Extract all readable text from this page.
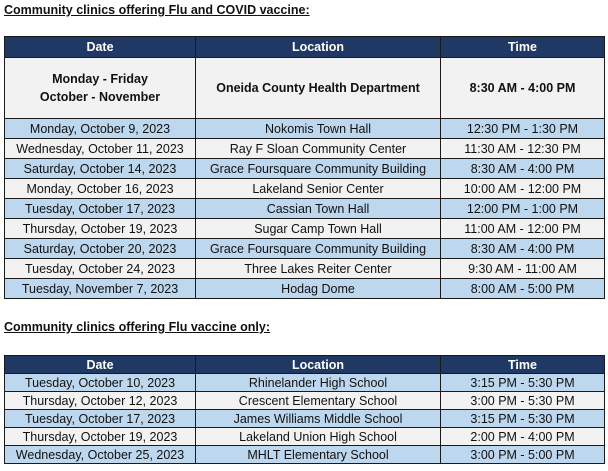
Community clinics offering Flu and COVID vaccine:
Date	Location	Time
Monday - Friday
October - November	Oneida County Health Department	8:30 AM - 4:00 PM
Monday, October 9, 2023	Nokomis Town Hall	12:30 PM - 1:30 PM
Wednesday, October 11, 2023	Ray F Sloan Community Center	11:30 AM - 12:30 PM
Saturday, October 14, 2023	Grace Foursquare Community Building	8:30 AM - 4:00 PM
Monday, October 16, 2023	Lakeland Senior Center	10:00 AM - 12:00 PM
Tuesday, October 17, 2023	Cassian Town Hall	12:00 PM - 1:00 PM
Thursday, October 19, 2023	Sugar Camp Town Hall	11:00 AM - 12:00 PM
Saturday, October 20, 2023	Grace Foursquare Community Building	8:30 AM - 4:00 PM
Tuesday, October 24, 2023	Three Lakes Reiter Center	9:30 AM - 11:00 AM
Tuesday, November 7, 2023	Hodag Dome	8:00 AM - 5:00 PM
Community clinics offering Flu vaccine only:
Date	Location	Time
Tuesday, October 10, 2023	Rhinelander High School	3:15 PM - 5:30 PM
Thursday, October 12, 2023	Crescent Elementary School	3:00 PM - 5:30 PM
Tuesday, October 17, 2023	James Williams Middle School	3:15 PM - 5:30 PM
Thursday, October 19, 2023	Lakeland Union High School	2:00 PM - 4:00 PM
Wednesday, October 25, 2023	MHLT Elementary School	3:00 PM - 5:00 PM
